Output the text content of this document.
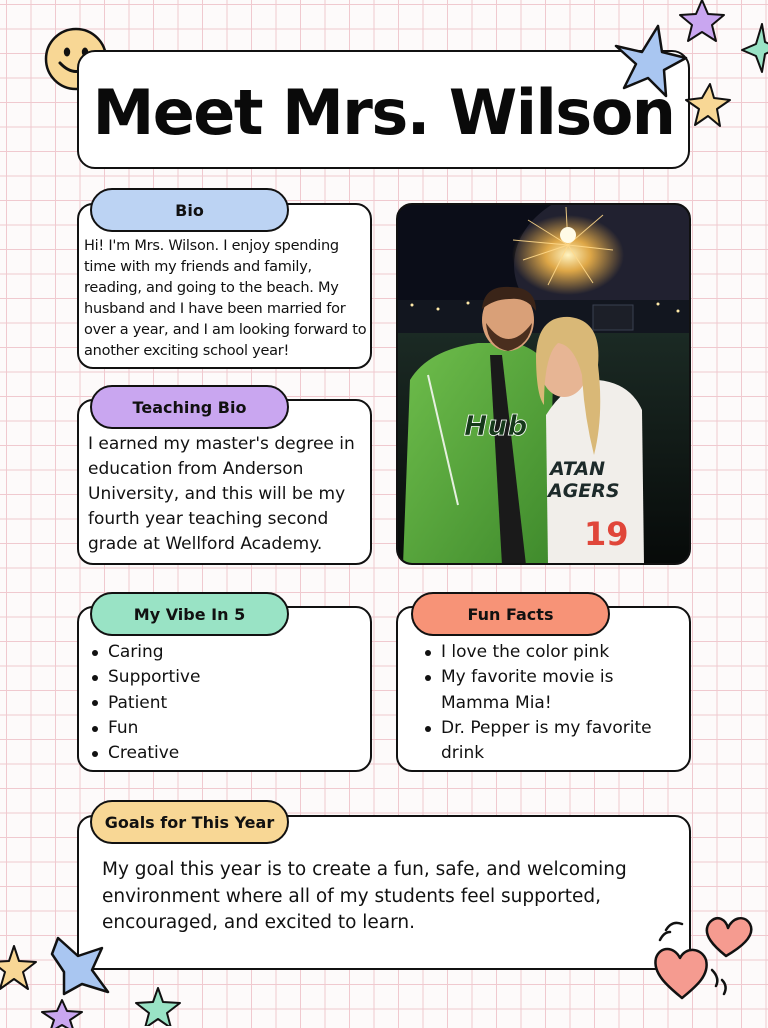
Meet Mrs. Wilson
Bio
Hi! I'm Mrs. Wilson. I enjoy spending time with my friends and family, reading, and going to the beach. My husband and I have been married for over a year, and I am looking forward to another exciting school year!
Teaching Bio
I earned my master's degree in education from Anderson University, and this will be my fourth year teaching second grade at Wellford Academy.
Hub
ATAN
AGERS
19
My Vibe In 5
Caring
Supportive
Patient
Fun
Creative
Fun Facts
I love the color pink
My favorite movie is Mamma Mia!
Dr. Pepper is my favorite drink
Goals for This Year
My goal this year is to create a fun, safe, and welcoming environment where all of my students feel supported, encouraged, and excited to learn.
